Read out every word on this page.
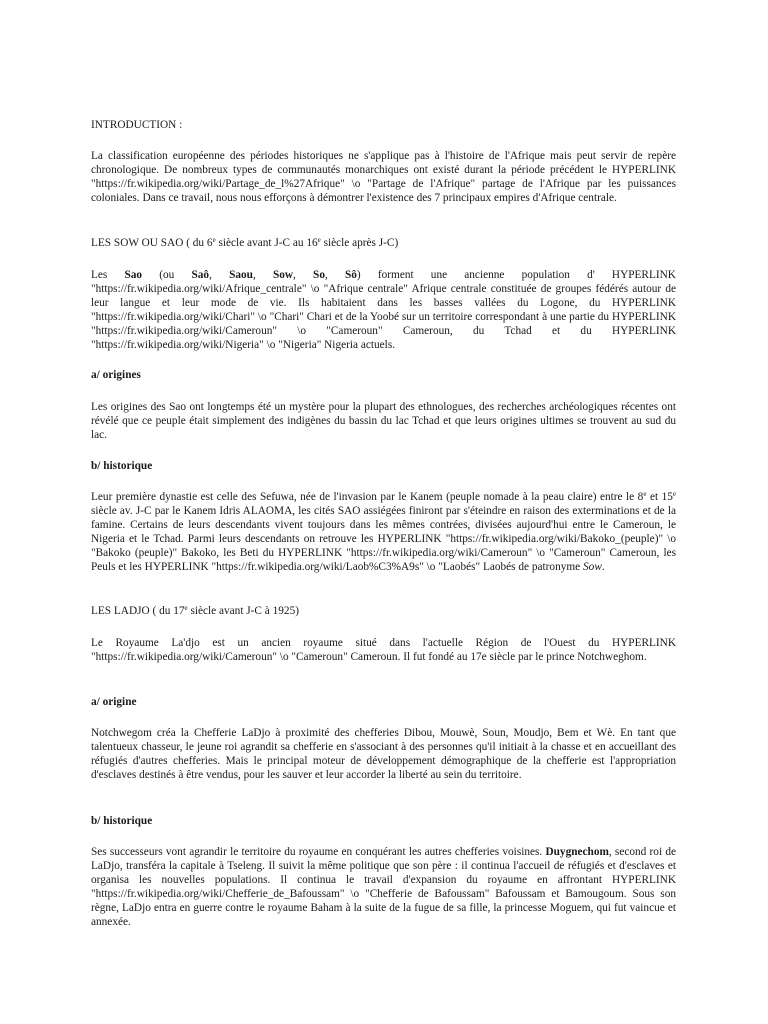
INTRODUCTION :

La classification européenne des périodes historiques ne s'applique pas à l'histoire de l'Afrique mais peut servir de repère chronologique. De nombreux types de communautés monarchiques ont existé durant la période précédent le HYPERLINK "https://fr.wikipedia.org/wiki/Partage_de_l%27Afrique" \o "Partage de l'Afrique" partage de l'Afrique par les puissances coloniales. Dans ce travail, nous nous efforçons à démontrer l'existence des 7 principaux empires d'Afrique centrale.

LES SOW OU SAO ( du 6e siècle avant J-C au 16e siècle après J-C)

Les Sao (ou Saô, Saou, Sow, So, Sô) forment une ancienne population d' HYPERLINK "https://fr.wikipedia.org/wiki/Afrique_centrale" \o "Afrique centrale" Afrique centrale constituée de groupes fédérés autour de leur langue et leur mode de vie. Ils habitaient dans les basses vallées du Logone, du HYPERLINK "https://fr.wikipedia.org/wiki/Chari" \o "Chari" Chari et de la Yoobé sur un territoire correspondant à une partie du HYPERLINK "https://fr.wikipedia.org/wiki/Cameroun" \o "Cameroun" Cameroun, du Tchad et du HYPERLINK "https://fr.wikipedia.org/wiki/Nigeria" \o "Nigeria" Nigeria actuels.

a/ origines

Les origines des Sao ont longtemps été un mystère pour la plupart des ethnologues, des recherches archéologiques récentes ont révélé que ce peuple était simplement des indigènes du bassin du lac Tchad et que leurs origines ultimes se trouvent au sud du lac.

b/ historique

Leur première dynastie est celle des Sefuwa, née de l'invasion par le Kanem (peuple nomade à la peau claire) entre le 8e et 15e siècle av. J-C par le Kanem Idris ALAOMA, les cités SAO assiégées finiront par s'éteindre en raison des exterminations et de la famine. Certains de leurs descendants vivent toujours dans les mêmes contrées, divisées aujourd'hui entre le Cameroun, le Nigeria et le Tchad. Parmi leurs descendants on retrouve les HYPERLINK "https://fr.wikipedia.org/wiki/Bakoko_(peuple)" \o "Bakoko (peuple)" Bakoko, les Beti du HYPERLINK "https://fr.wikipedia.org/wiki/Cameroun" \o "Cameroun" Cameroun, les Peuls et les HYPERLINK "https://fr.wikipedia.org/wiki/Laob%C3%A9s" \o "Laobés" Laobés de patronyme Sow.

LES LADJO ( du 17e siècle avant J-C à 1925)

Le Royaume La'djo est un ancien royaume situé dans l'actuelle Région de l'Ouest du HYPERLINK "https://fr.wikipedia.org/wiki/Cameroun" \o "Cameroun" Cameroun. Il fut fondé au 17e siècle par le prince Notchweghom.

a/ origine

Notchwegom créa la Chefferie LaDjo à proximité des chefferies Dibou, Mouwè, Soun, Moudjo, Bem et Wè. En tant que talentueux chasseur, le jeune roi agrandit sa chefferie en s'associant à des personnes qu'il initiait à la chasse et en accueillant des réfugiés d'autres chefferies. Mais le principal moteur de développement démographique de la chefferie est l'appropriation d'esclaves destinés à être vendus, pour les sauver et leur accorder la liberté au sein du territoire.

b/ historique

Ses successeurs vont agrandir le territoire du royaume en conquérant les autres chefferies voisines. Duygnechom, second roi de LaDjo, transféra la capitale à Tseleng. Il suivit la même politique que son père : il continua l'accueil de réfugiés et d'esclaves et organisa les nouvelles populations. Il continua le travail d'expansion du royaume en affrontant HYPERLINK "https://fr.wikipedia.org/wiki/Chefferie_de_Bafoussam" \o "Chefferie de Bafoussam" Bafoussam et Bamougoum. Sous son règne, LaDjo entra en guerre contre le royaume Baham à la suite de la fugue de sa fille, la princesse Moguem, qui fut vaincue et annexée.
